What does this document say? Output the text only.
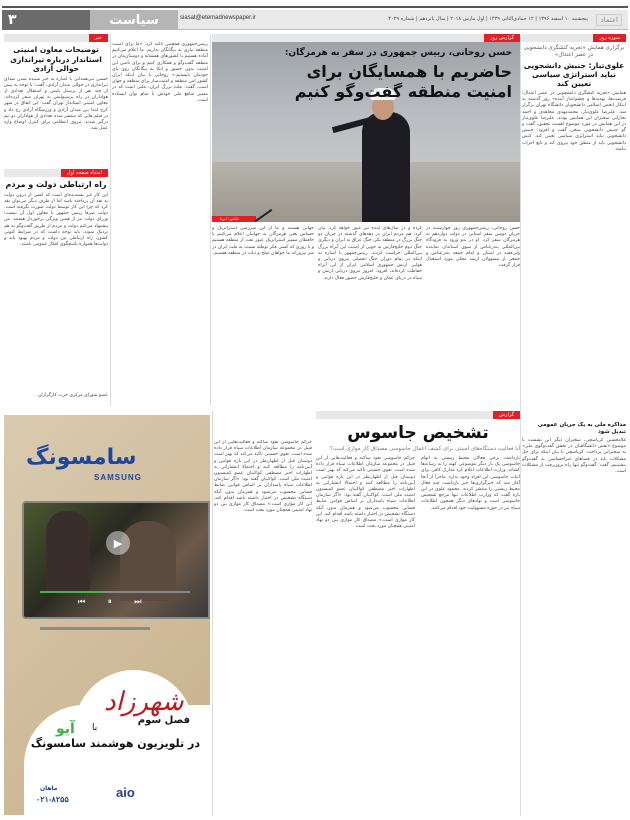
۳	سیاست	siasat@etemadnewspaper.ir	پنجشنبه ۱۰ اسفند ۱۳۹۶ | ۱۲ جمادی‌الثانی ۱۴۳۹ | اول مارس ۲۰۱۸ | سال پانزدهم | شماره ۴۰۲۹	اعتماد
سوژه روز
برگزاری همایش «تجربه کنشگری دانشجویی در عصر اعتدال»
علوی‌تبار: جنبش دانشجویی نباید استراتژی سیاسی تعیین کند
همایش «تجربه کنشگری دانشجویی در عصر اعتدال؛ فرصت‌ها، تهدیدها و چشم‌انداز آینده» روز گذشته به ابتکار انجمن اسلامی دانشجویان دانشگاه تهران برگزار شد. علیرضا علوی‌تبار، محمدمهدی مجاهدی و احمد بخارایی سخنران این همایش بودند. علیرضا علوی‌تبار در این همایش در مورد موضوع اهمیت تحقیق، گفت و گو جنبش دانشجویی سخن گفت و افزود: جنبش دانشجویی نباید استراتژی سیاسی تعیین کند. کنش دانشجویی باید از منطق خود پیروی کند و تابع احزاب نباشد.
مذاکره ملی به یک جریان عمومی تبدیل شود
غلامحسین کرباسچی، سخنران دیگر این نشست با موضوع «نقش دانشگاهیان در تحقق گفت‌وگوی ملی» به سخنرانی پرداخت. کرباسچی با بیان اینکه برای حل مشکلات باید در فضاهای غیراحساسی به گفت‌وگو بنشینیم، گفت: گفت‌وگو تنها راه برون‌رفت از مشکلات است.
گزارش روز
حسن روحانی، رییس جمهوری در سفر به هرمزگان:
حاضریم با همسایگان برای امنیت منطقه گفت‌وگو کنیم
عکس: ایرنا
حسن روحانی، رییس‌جمهوری روز چهارشنبه در جریان دومین سفر استانی در دولت دوازدهم به هرمزگان سفر کرد. او در بدو ورود به فرودگاه بین‌المللی بندرعباس از سوی استاندار، نماینده ولی‌فقیه در استان و امام جمعه بندرعباس و جمعی از مسوولان ارشد محلی مورد استقبال قرار گرفت.
کرده و در سال‌های آینده نیز عبور خواهد کرد. بیان کرد: هم مردم ایران در دهه‌های گذشته در جریان دو جنگ بزرگ در منطقه یکی جنگ عراق به ایران و دیگری جنگ دوم خلیج‌فارس به خوبی از امنیت این آبراه بزرگ بین‌المللی حراست کردند. رییس‌جمهور با اشاره به اینکه در تمام دوران جنگ تحمیلی نیروی دریایی و هوایی ارتش جمهوری اسلامی ایران از این آبراه حفاظت کرده‌اند، افزود: امروز نیروی دریایی ارتش و سپاه در دریای عمان و خلیج‌فارس حضور فعال دارند.
جهانی هستند و ما از این سرزمین استراتژیک و حساس یعنی هرمزگان به جهانیان اعلام می‌کنیم با حافظان مسیر استراتژیک عبور نفت از منطقه هستیم و با روزی که کسی فکر توطئه نسبت به ملت ایران در سر نپروراند ما خواهان صلح و ثبات در منطقه هستیم.
رییس‌جمهوری همچنین تاکید کرد: «ما برای امنیت منطقه نیازی به بیگانگان نداریم. ما اعلام می‌کنیم آماده هستیم با کشورهای همسایه و دوستان‌مان در منطقه گفت‌وگو و همکاری کنیم و برای تامین این امنیت بدون حضور و اتکا به بیگانگان روی پای خودمان بایستیم.» روحانی با بیان اینکه ایران کشور امن منطقه و امنیت‌ساز برای منطقه و جهان است، گفت: ملت بزرگ ایران، ملتی است که در مسیر منافع ملی خودش با تمام توان ایستاده است.
گزارش
تشخیص جاسوس
آیا فعالیت دستگاه‌های امنیتی برای کشف اعمال جاسوسی مصداق کار موازی است؟
بازداشت برخی فعالان محیط زیستی به اتهام جاسوسی یک بار دیگر موضوعی کهنه را به رسانه‌ها کشاند. وزارت اطلاعات اعلام کرد مدارک کافی برای اثبات جاسوسی این افراد وجود ندارد. ماجرا از آنجا آغاز شد که خبرگزاری‌ها خبر بازداشت چند فعال محیط زیستی را منتشر کردند. محمود علوی در این باره گفت که وزارت اطلاعات تنها مرجع تشخیص جاسوسی است و نهادهای دیگر همچون اطلاعات سپاه نیز در حوزه مسوولیت خود اقدام می‌کنند.
جرائم جاسوسی نفوذ ساکنه و فعالیت‌هایی از این قبیل در مجموعه سازمان اطلاعات سپاه قرار داده شده است. تقوی حسینی تاکید می‌کند که بهتر است دوستان قبل از اظهارنظر در این باره قوانین و آیین‌نامه را مطالعه کنند و احتمالا انتشاراتی به اظهارات اخیر مصطفی کواکبیان عضو کمیسیون امنیت ملی است. کواکبیان گفته بود: «اگر سازمان اطلاعات سپاه پاسداران بر اساس قوانین ضابط قضایی محسوب می‌شود و همزمان بدون آنکه دستگاه تشخیص در اختیار داشته باشد اقدام کند، این کار موازی است.» مصداق کار موازی بین دو نهاد امنیتی همچنان مورد بحث است.
جرائم جاسوسی نفوذ ساکنه و فعالیت‌هایی از این قبیل در مجموعه سازمان اطلاعات سپاه قرار داده شده است. تقوی حسینی تاکید می‌کند که بهتر است دوستان قبل از اظهارنظر در این باره قوانین و آیین‌نامه را مطالعه کنند و احتمالا انتشاراتی به اظهارات اخیر مصطفی کواکبیان عضو کمیسیون امنیت ملی است. کواکبیان گفته بود: «اگر سازمان اطلاعات سپاه پاسداران بر اساس قوانین ضابط قضایی محسوب می‌شود و همزمان بدون آنکه دستگاه تشخیص در اختیار داشته باشد اقدام کند، این کار موازی است.» مصداق کار موازی بین دو نهاد امنیتی همچنان مورد بحث است.
خبر
توضیحات معاون امنیتی استاندار درباره تیراندازی حوالی آزادی
حسین نبی‌همدانی با اشاره به خبر شنیده شدن صدای تیراندازی در حوالی میدان آزادی، گفت: با توجه به بیش از چند نفر از پرسنل پلیس و استقلال تعدادی از هواداران در راه پرسپولیس به تهران سفر کرده‌اند. معاون امنیتی استاندار تهران گفت: این اتفاق در شهر کرج ابتدا بین میدان آزادی و ورزشگاه آزادی رخ داد و در فیلم هایی که منتشر شده تعدادی از هواداران دو تیم درگیر شدند. نیروی انتظامی برای کنترل اوضاع وارد عمل شد.
امتداد صفحه اول
راه ارتباطی دولت و مردم
این کار غیر پسندیده‌ای است که کسی از درون دولت به نقد آن پرداخته باشد اما از طرف دیگر می‌توان نقد کرد که چرا این کار توسط دولت صورت نگرفته است. دولت صرفا رییس جمهور با معاون اول آن نیست؛ وزرای دولت نیز از همین ویژگی برخوردار هستند. من پیشنهاد می‌کنم دولت و مردم از طریق گفت‌وگو به هم نزدیک شوند. باید توجه داشت که در شرایط کنونی کشور، راه ارتباطی بین دولت و مردم بهبود یابد و دولت‌ها همواره پاسخگوی افکار عمومی باشند.
عضو شورای مرکزی حزب کارگزاران
سامسونگ
SAMSUNG
▶
⏮ ⏸ ⏭
شهرزاد
فصل سوم
با
آیو
در تلویزیون هوشمند سامسونگ
ماهان
۰۲۱-۸۲۵۵	aio
